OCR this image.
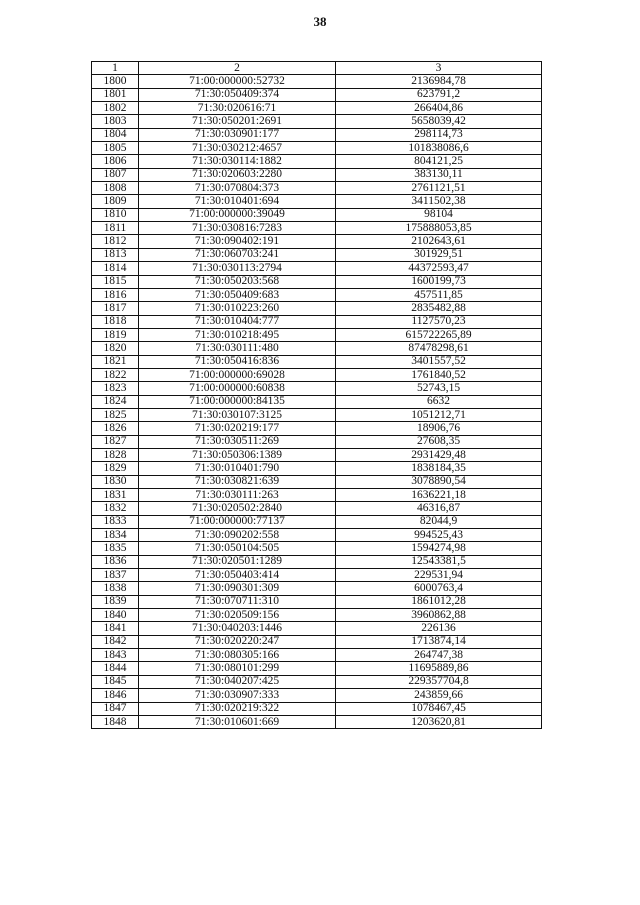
38
1	2	3
1800	71:00:000000:52732	2136984,78
1801	71:30:050409:374	623791,2
1802	71:30:020616:71	266404,86
1803	71:30:050201:2691	5658039,42
1804	71:30:030901:177	298114,73
1805	71:30:030212:4657	101838086,6
1806	71:30:030114:1882	804121,25
1807	71:30:020603:2280	383130,11
1808	71:30:070804:373	2761121,51
1809	71:30:010401:694	3411502,38
1810	71:00:000000:39049	98104
1811	71:30:030816:7283	175888053,85
1812	71:30:090402:191	2102643,61
1813	71:30:060703:241	301929,51
1814	71:30:030113:2794	44372593,47
1815	71:30:050203:568	1600199,73
1816	71:30:050409:683	457511,85
1817	71:30:010223:260	2835482,88
1818	71:30:010404:777	1127570,23
1819	71:30:010218:495	615722265,89
1820	71:30:030111:480	87478298,61
1821	71:30:050416:836	3401557,52
1822	71:00:000000:69028	1761840,52
1823	71:00:000000:60838	52743,15
1824	71:00:000000:84135	6632
1825	71:30:030107:3125	1051212,71
1826	71:30:020219:177	18906,76
1827	71:30:030511:269	27608,35
1828	71:30:050306:1389	2931429,48
1829	71:30:010401:790	1838184,35
1830	71:30:030821:639	3078890,54
1831	71:30:030111:263	1636221,18
1832	71:30:020502:2840	46316,87
1833	71:00:000000:77137	82044,9
1834	71:30:090202:558	994525,43
1835	71:30:050104:505	1594274,98
1836	71:30:020501:1289	12543381,5
1837	71:30:050403:414	229531,94
1838	71:30:090301:309	6000763,4
1839	71:30:070711:310	1861012,28
1840	71:30:020509:156	3960862,88
1841	71:30:040203:1446	226136
1842	71:30:020220:247	1713874,14
1843	71:30:080305:166	264747,38
1844	71:30:080101:299	11695889,86
1845	71:30:040207:425	229357704,8
1846	71:30:030907:333	243859,66
1847	71:30:020219:322	1078467,45
1848	71:30:010601:669	1203620,81
